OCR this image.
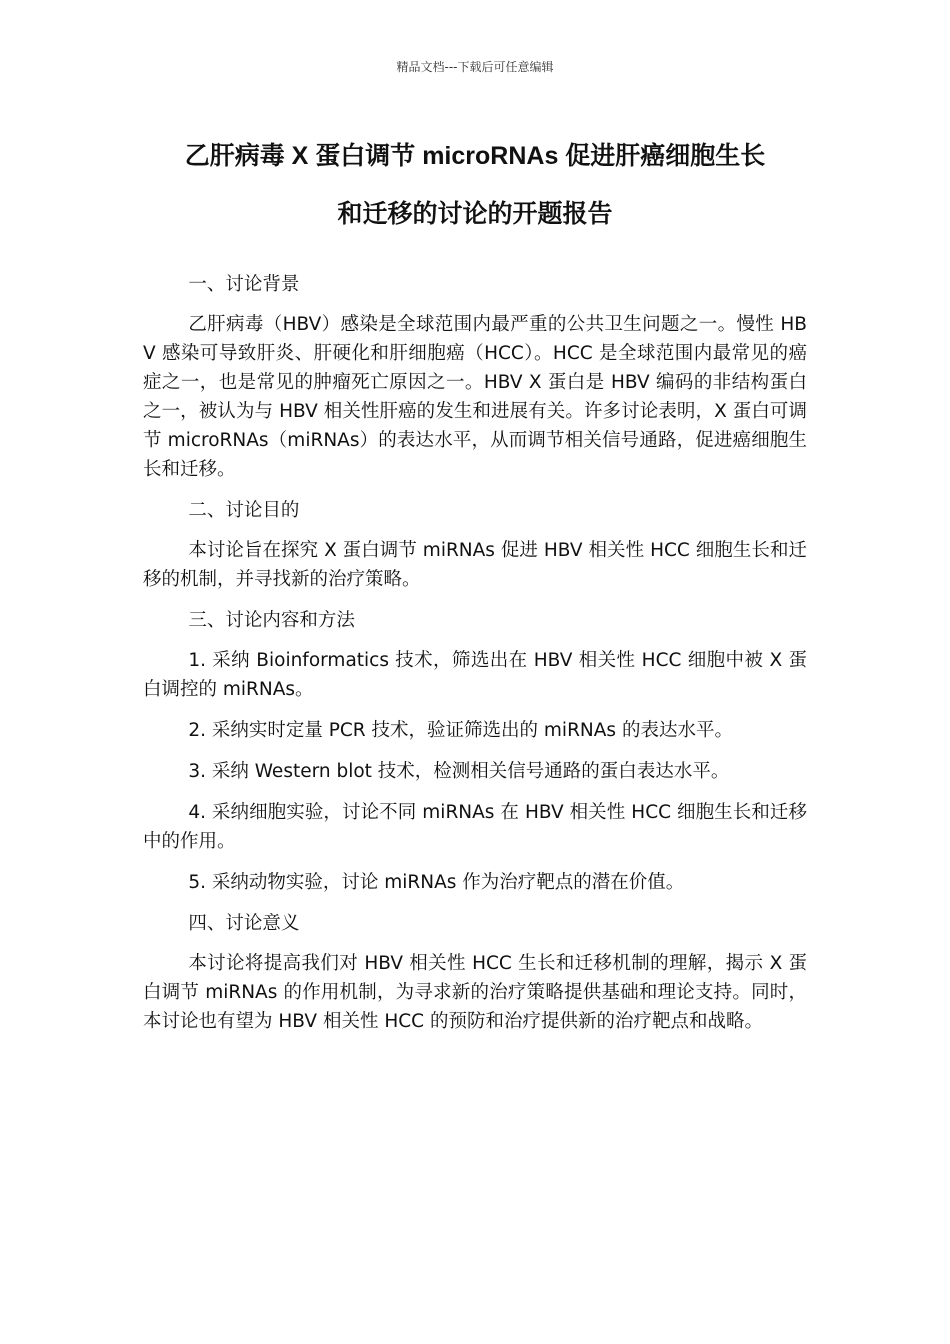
精品文档---下载后可任意编辑
乙肝病毒 X 蛋白调节 microRNAs 促进肝癌细胞生长
和迁移的讨论的开题报告

一、讨论背景

乙肝病毒（HBV）感染是全球范围内最严重的公共卫生问题之一。慢性 HBV 感染可导致肝炎、肝硬化和肝细胞癌（HCC）。HCC 是全球范围内最常见的癌症之一，也是常见的肿瘤死亡原因之一。HBV X 蛋白是 HBV 编码的非结构蛋白之一，被认为与 HBV 相关性肝癌的发生和进展有关。许多讨论表明，X 蛋白可调节 microRNAs（miRNAs）的表达水平，从而调节相关信号通路，促进癌细胞生长和迁移。

二、讨论目的

本讨论旨在探究 X 蛋白调节 miRNAs 促进 HBV 相关性 HCC 细胞生长和迁移的机制，并寻找新的治疗策略。

三、讨论内容和方法

1. 采纳 Bioinformatics 技术，筛选出在 HBV 相关性 HCC 细胞中被 X 蛋白调控的 miRNAs。

2. 采纳实时定量 PCR 技术，验证筛选出的 miRNAs 的表达水平。

3. 采纳 Western blot 技术，检测相关信号通路的蛋白表达水平。

4. 采纳细胞实验，讨论不同 miRNAs 在 HBV 相关性 HCC 细胞生长和迁移中的作用。

5. 采纳动物实验，讨论 miRNAs 作为治疗靶点的潜在价值。

四、讨论意义

本讨论将提高我们对 HBV 相关性 HCC 生长和迁移机制的理解，揭示 X 蛋白调节 miRNAs 的作用机制，为寻求新的治疗策略提供基础和理论支持。同时，本讨论也有望为 HBV 相关性 HCC 的预防和治疗提供新的治疗靶点和战略。
